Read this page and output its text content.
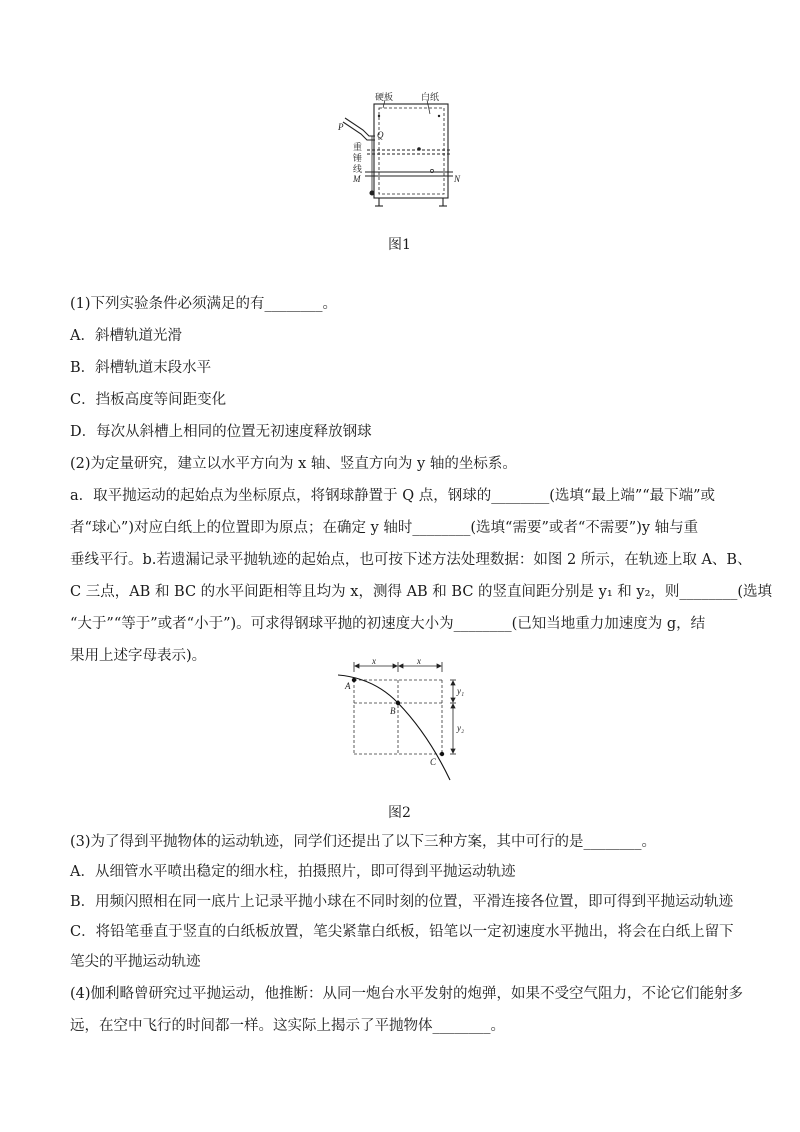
硬板	白纸
P
Q
重
锤
线
M	N
图1
(1)下列实验条件必须满足的有________。
A．斜槽轨道光滑
B．斜槽轨道末段水平
C．挡板高度等间距变化
D．每次从斜槽上相同的位置无初速度释放钢球
(2)为定量研究，建立以水平方向为 x 轴、竖直方向为 y 轴的坐标系。
a．取平抛运动的起始点为坐标原点，将钢球静置于 Q 点，钢球的________(选填“最上端”“最下端”或
者“球心”)对应白纸上的位置即为原点；在确定 y 轴时________(选填“需要”或者“不需要”)y 轴与重
垂线平行。b.若遗漏记录平抛轨迹的起始点，也可按下述方法处理数据：如图 2 所示，在轨迹上取 A、B、
C 三点，AB 和 BC 的水平间距相等且均为 x，测得 AB 和 BC 的竖直间距分别是 y₁ 和 y₂，则________(选填
“大于”“等于”或者“小于”)。可求得钢球平抛的初速度大小为________(已知当地重力加速度为 g，结
果用上述字母表示)。	x	x
y₁
y₂
A
B
C
图2
(3)为了得到平抛物体的运动轨迹，同学们还提出了以下三种方案，其中可行的是________。
A．从细管水平喷出稳定的细水柱，拍摄照片，即可得到平抛运动轨迹
B．用频闪照相在同一底片上记录平抛小球在不同时刻的位置，平滑连接各位置，即可得到平抛运动轨迹
C．将铅笔垂直于竖直的白纸板放置，笔尖紧靠白纸板，铅笔以一定初速度水平抛出，将会在白纸上留下
笔尖的平抛运动轨迹
(4)伽利略曾研究过平抛运动，他推断：从同一炮台水平发射的炮弹，如果不受空气阻力，不论它们能射多
远，在空中飞行的时间都一样。这实际上揭示了平抛物体________。
